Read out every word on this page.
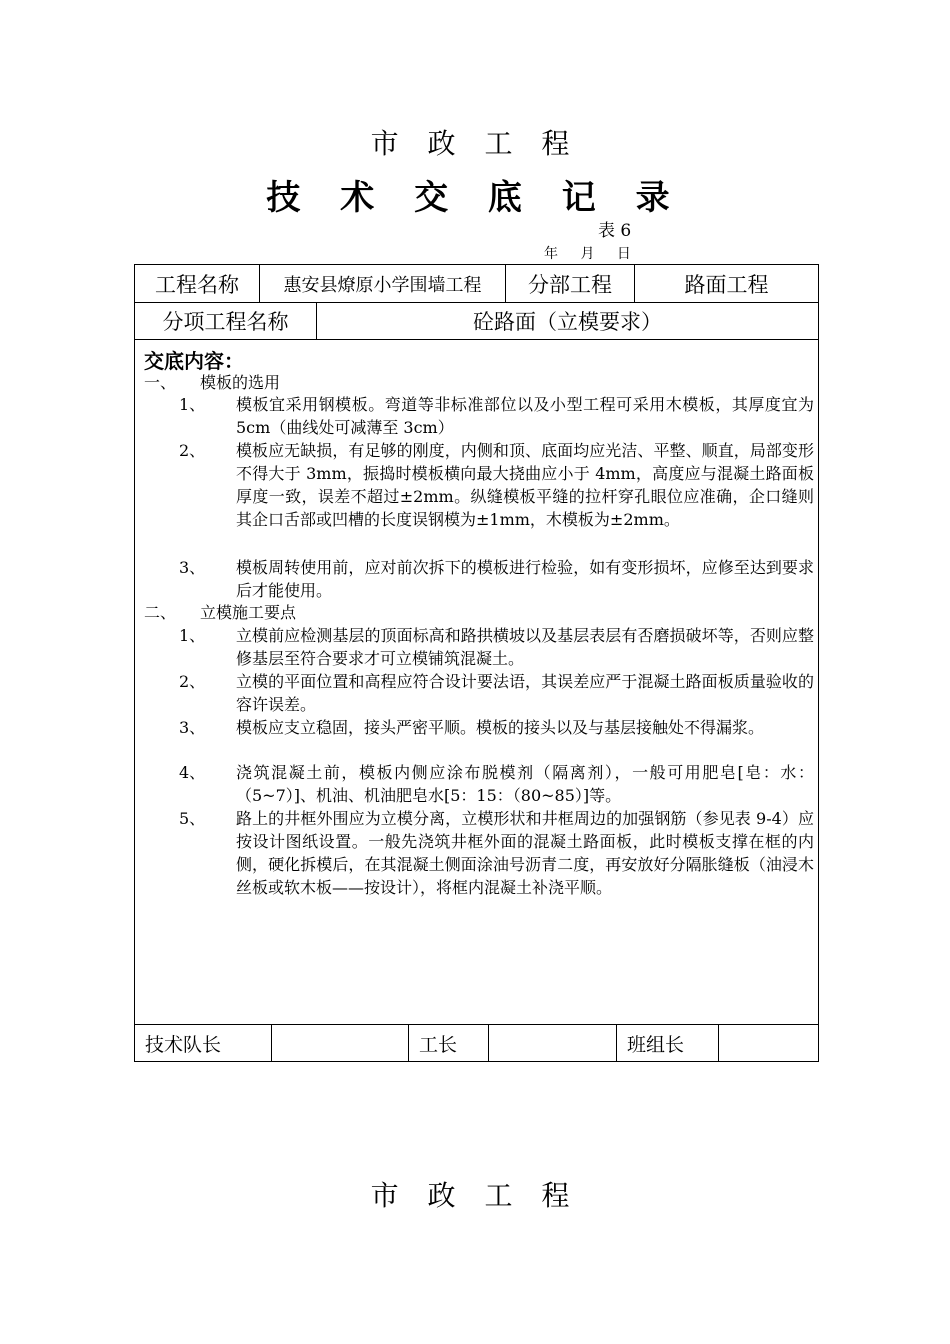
市 政 工 程
技 术 交 底 记 录
表 6
年 月 日
工程名称	惠安县燎原小学围墙工程	分部工程	路面工程
分项工程名称	砼路面（立模要求）
交底内容：
一、 模板的选用
1、 模板宜采用钢模板。弯道等非标准部位以及小型工程可采用木模板，其厚度宜为 5cm（曲线处可减薄至 3cm）
2、 模板应无缺损，有足够的刚度，内侧和顶、底面均应光洁、平整、顺直，局部变形不得大于 3mm，振捣时模板横向最大挠曲应小于 4mm，高度应与混凝土路面板厚度一致，误差不超过±2mm。纵缝模板平缝的拉杆穿孔眼位应准确，企口缝则其企口舌部或凹槽的长度误钢模为±1mm，木模板为±2mm。
3、 模板周转使用前，应对前次拆下的模板进行检验，如有变形损坏，应修至达到要求后才能使用。
二、 立模施工要点
1、 立模前应检测基层的顶面标高和路拱横坡以及基层表层有否磨损破坏等，否则应整修基层至符合要求才可立模铺筑混凝土。
2、 立模的平面位置和高程应符合设计要法语，其误差应严于混凝土路面板质量验收的容许误差。
3、 模板应支立稳固，接头严密平顺。模板的接头以及与基层接触处不得漏浆。
4、 浇筑混凝土前，模板内侧应涂布脱模剂（隔离剂），一般可用肥皂[皂：水：（5~7）]、机油、机油肥皂水[5：15：（80~85）]等。
5、 路上的井框外围应为立模分离，立模形状和井框周边的加强钢筋（参见表 9-4）应按设计图纸设置。一般先浇筑井框外面的混凝土路面板，此时模板支撑在框的内侧，硬化拆模后，在其混凝土侧面涂油号沥青二度，再安放好分隔胀缝板（油浸木丝板或软木板——按设计），将框内混凝土补浇平顺。
技术队长	工长	班组长
市 政 工 程
